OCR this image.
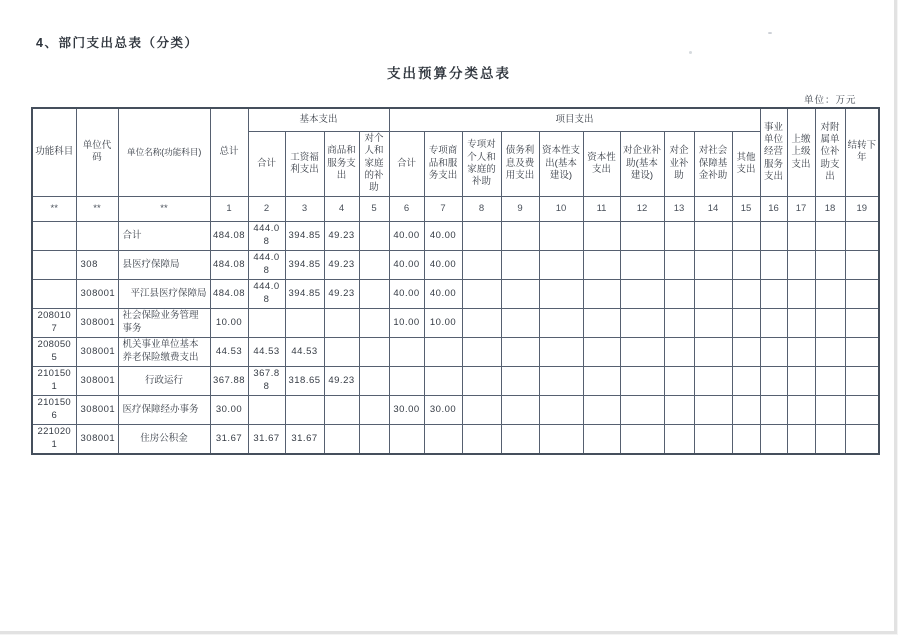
4、部门支出总表（分类）
支出预算分类总表
单位：万元
功能科目	单位代码	单位名称(功能科目)	总计	基本支出				项目支出										事业单位经营服务支出	上缴上级支出	对附属单位补助支出	结转下年
				合计	工资福利支出	商品和服务支出	对个人和家庭的补助	合计	专项商品和服务支出	专项对个人和家庭的补助	债务利息及费用支出	资本性支出(基本建设)	资本性支出	对企业补助(基本建设)	对企业补助	对社会保障基金补助	其他支出				
**	**	**	1	2	3	4	5	6	7	8	9	10	11	12	13	14	15	16	17	18	19
		合计	484.08	444.08	394.85	49.23		40.00	40.00												
	308	县医疗保障局	484.08	444.08	394.85	49.23		40.00	40.00												
	308001	平江县医疗保障局	484.08	444.08	394.85	49.23		40.00	40.00												
2080107	308001	社会保险业务管理事务	10.00					10.00	10.00												
2080505	308001	机关事业单位基本养老保险缴费支出	44.53	44.53	44.53																
2101501	308001	行政运行	367.88	367.88	318.65	49.23															
2101506	308001	医疗保障经办事务	30.00					30.00	30.00												
2210201	308001	住房公积金	31.67	31.67	31.67																
